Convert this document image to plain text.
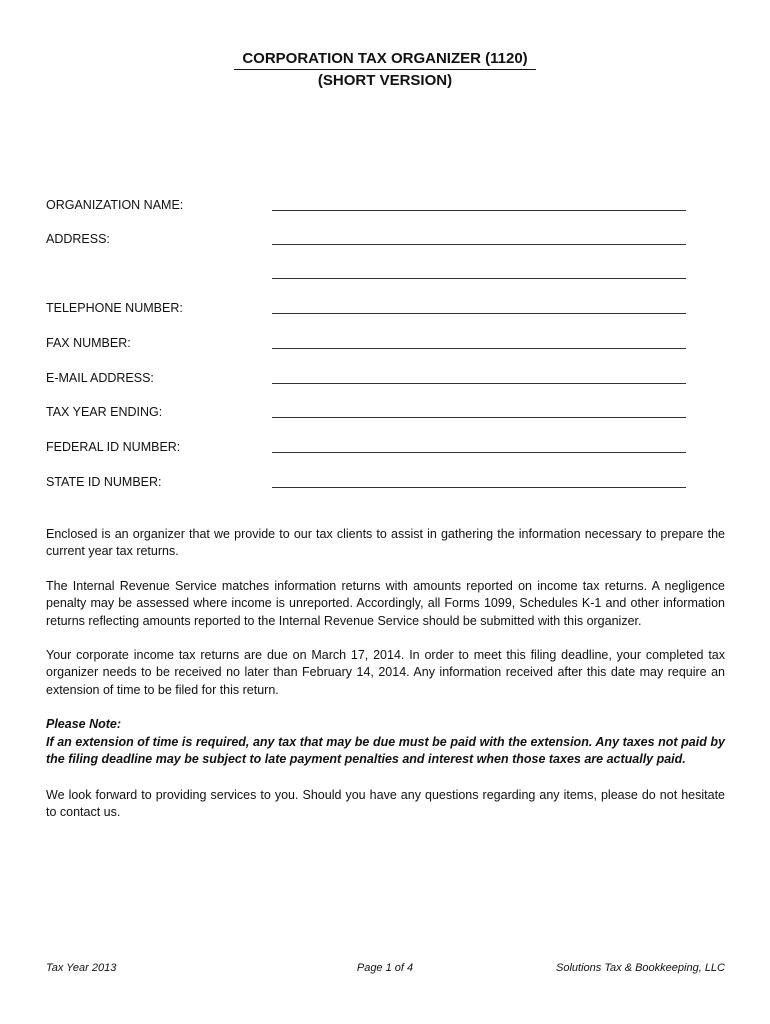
CORPORATION TAX ORGANIZER (1120)
(SHORT VERSION)
ORGANIZATION NAME:
ADDRESS:
TELEPHONE NUMBER:
FAX NUMBER:
E-MAIL ADDRESS:
TAX YEAR ENDING:
FEDERAL ID NUMBER:
STATE ID NUMBER:

Enclosed is an organizer that we provide to our tax clients to assist in gathering the information necessary to prepare the current year tax returns.

The Internal Revenue Service matches information returns with amounts reported on income tax returns. A negligence penalty may be assessed where income is unreported. Accordingly, all Forms 1099, Schedules K-1 and other information returns reflecting amounts reported to the Internal Revenue Service should be submitted with this organizer.

Your corporate income tax returns are due on March 17, 2014. In order to meet this filing deadline, your completed tax organizer needs to be received no later than February 14, 2014. Any information received after this date may require an extension of time to be filed for this return.

Please Note:

If an extension of time is required, any tax that may be due must be paid with the extension. Any taxes not paid by the filing deadline may be subject to late payment penalties and interest when those taxes are actually paid.

We look forward to providing services to you. Should you have any questions regarding any items, please do not hesitate to contact us.

Tax Year 2013	Page 1 of 4	Solutions Tax & Bookkeeping, LLC
